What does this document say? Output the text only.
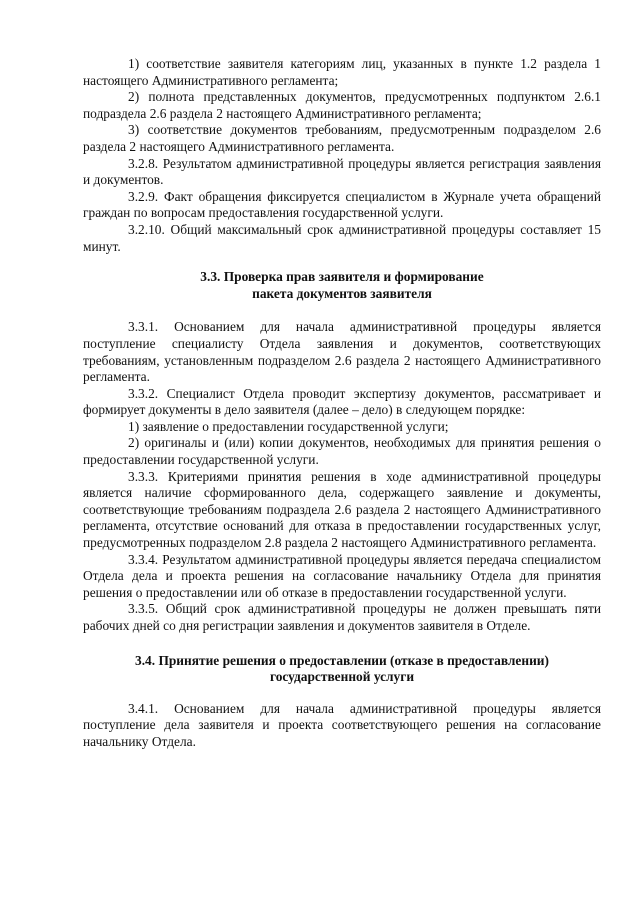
1) соответствие заявителя категориям лиц, указанных в пункте 1.2 раздела 1 настоящего Административного регламента;

2) полнота представленных документов, предусмотренных подпунктом 2.6.1 подраздела 2.6 раздела 2 настоящего Административного регламента;

3) соответствие документов требованиям, предусмотренным подразделом 2.6 раздела 2 настоящего Административного регламента.

3.2.8. Результатом административной процедуры является регистрация заявления и документов.

3.2.9. Факт обращения фиксируется специалистом в Журнале учета обращений граждан по вопросам предоставления государственной услуги.

3.2.10. Общий максимальный срок административной процедуры составляет 15 минут.

3.3. Проверка прав заявителя и формирование

пакета документов заявителя

3.3.1. Основанием для начала административной процедуры является поступление специалисту Отдела заявления и документов, соответствующих требованиям, установленным подразделом 2.6 раздела 2 настоящего Административного регламента.

3.3.2. Специалист Отдела проводит экспертизу документов, рассматривает и формирует документы в дело заявителя (далее – дело) в следующем порядке:

1) заявление о предоставлении государственной услуги;

2) оригиналы и (или) копии документов, необходимых для принятия решения о предоставлении государственной услуги.

3.3.3. Критериями принятия решения в ходе административной процедуры является наличие сформированного дела, содержащего заявление и документы, соответствующие требованиям подраздела 2.6 раздела 2 настоящего Административного регламента, отсутствие оснований для отказа в предоставлении государственных услуг, предусмотренных подразделом 2.8 раздела 2 настоящего Административного регламента.

3.3.4. Результатом административной процедуры является передача специалистом Отдела дела и проекта решения на согласование начальнику Отдела для принятия решения о предоставлении или об отказе в предоставлении государственной услуги.

3.3.5. Общий срок административной процедуры не должен превышать пяти рабочих дней со дня регистрации заявления и документов заявителя в Отделе.

3.4. Принятие решения о предоставлении (отказе в предоставлении)

государственной услуги

3.4.1. Основанием для начала административной процедуры является поступление дела заявителя и проекта соответствующего решения на согласование начальнику Отдела.
